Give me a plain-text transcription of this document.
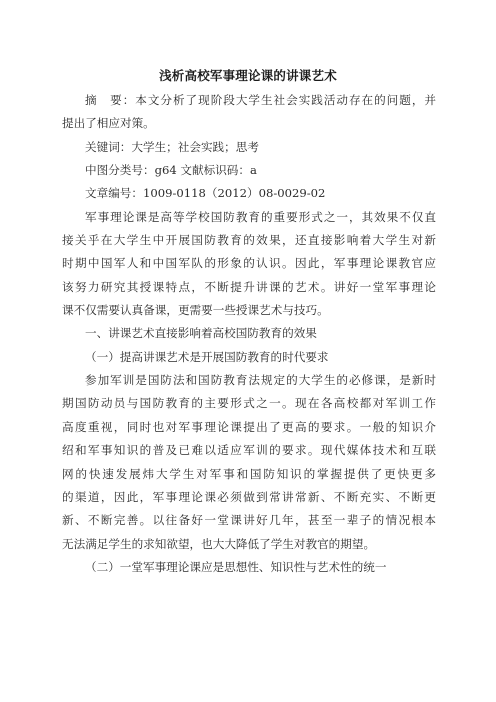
浅析高校军事理论课的讲课艺术
摘　要：本文分析了现阶段大学生社会实践活动存在的问题，并
提出了相应对策。
关键词：大学生；社会实践；思考
中图分类号：g64 文献标识码：a
文章编号：1009-0118（2012）08-0029-02
军事理论课是高等学校国防教育的重要形式之一，其效果不仅直
接关乎在大学生中开展国防教育的效果，还直接影响着大学生对新
时期中国军人和中国军队的形象的认识。因此，军事理论课教官应
该努力研究其授课特点，不断提升讲课的艺术。讲好一堂军事理论
课不仅需要认真备课，更需要一些授课艺术与技巧。
一、讲课艺术直接影响着高校国防教育的效果
（一）提高讲课艺术是开展国防教育的时代要求
参加军训是国防法和国防教育法规定的大学生的必修课，是新时
期国防动员与国防教育的主要形式之一。现在各高校都对军训工作
高度重视，同时也对军事理论课提出了更高的要求。一般的知识介
绍和军事知识的普及已难以适应军训的要求。现代媒体技术和互联
网的快速发展炜大学生对军事和国防知识的掌握提供了更快更多
的渠道，因此，军事理论课必须做到常讲常新、不断充实、不断更
新、不断完善。以往备好一堂课讲好几年，甚至一辈子的情况根本
无法满足学生的求知欲望，也大大降低了学生对教官的期望。
（二）一堂军事理论课应是思想性、知识性与艺术性的统一
